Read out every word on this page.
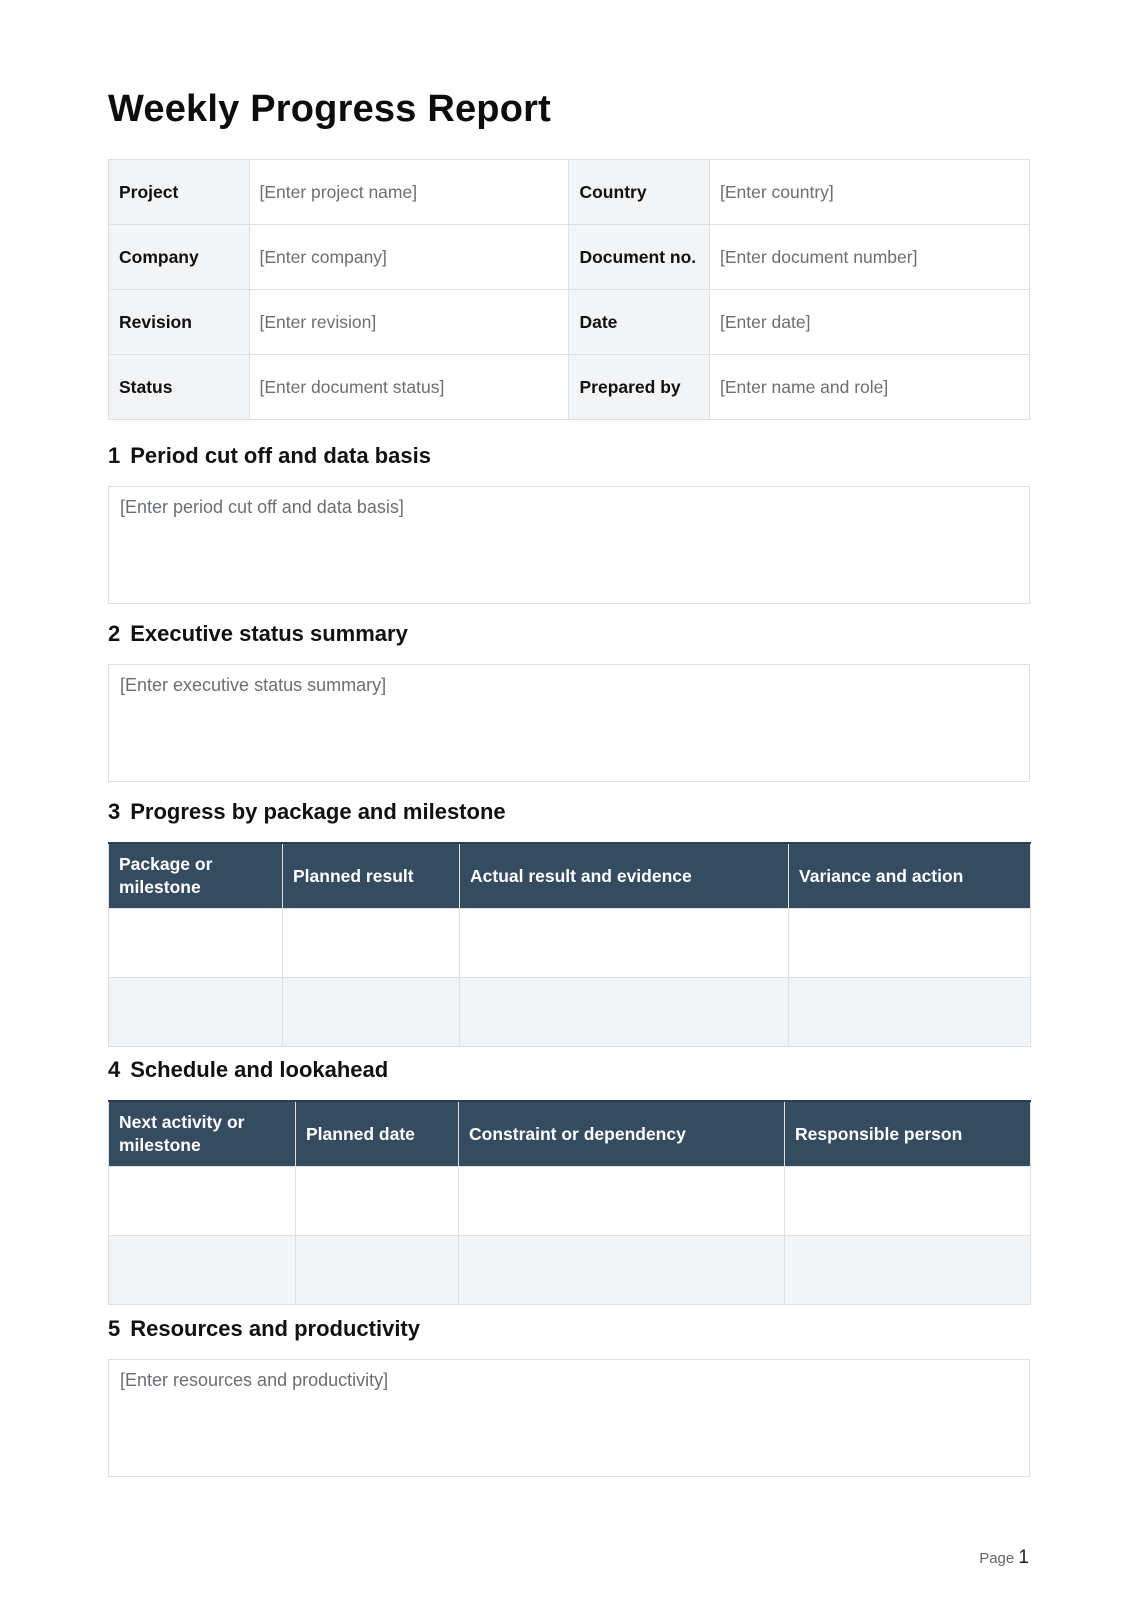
Weekly Progress Report
Project	[Enter project name]	Country	[Enter country]
Company	[Enter company]	Document no.	[Enter document number]
Revision	[Enter revision]	Date	[Enter date]
Status	[Enter document status]	Prepared by	[Enter name and role]
1 Period cut off and data basis
[Enter period cut off and data basis]
2 Executive status summary
[Enter executive status summary]
3 Progress by package and milestone
Package or milestone	Planned result	Actual result and evidence	Variance and action

4 Schedule and lookahead
Next activity or milestone	Planned date	Constraint or dependency	Responsible person

5 Resources and productivity
[Enter resources and productivity]
Page 1
